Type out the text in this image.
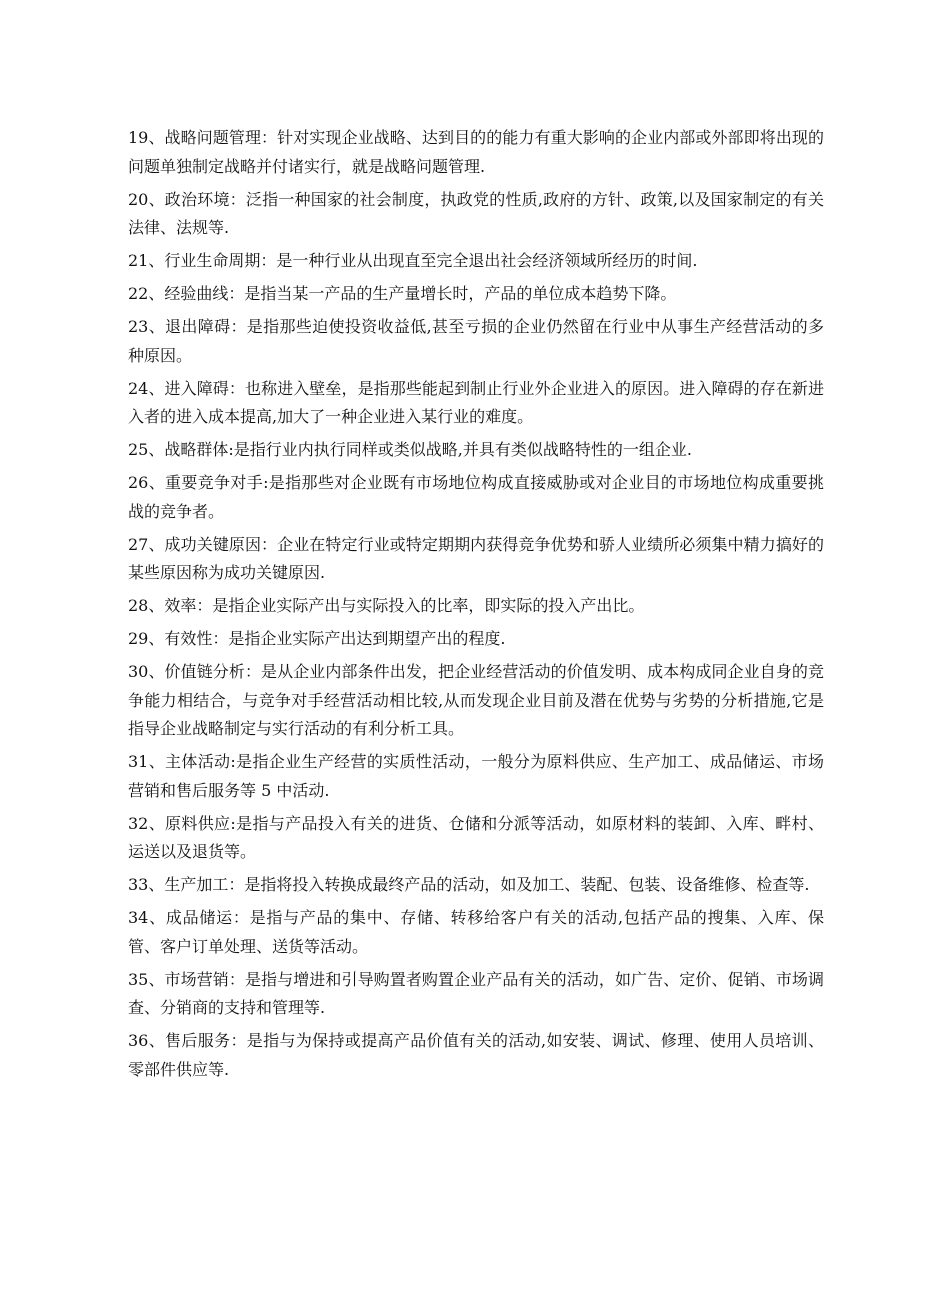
19、战略问题管理：针对实现企业战略、达到目的的能力有重大影响的企业内部或外部即将出现的问题单独制定战略并付诸实行，就是战略问题管理.

20、政治环境：泛指一种国家的社会制度，执政党的性质,政府的方针、政策,以及国家制定的有关法律、法规等.

21、行业生命周期：是一种行业从出现直至完全退出社会经济领域所经历的时间.

22、经验曲线：是指当某一产品的生产量增长时，产品的单位成本趋势下降。

23、退出障碍：是指那些迫使投资收益低,甚至亏损的企业仍然留在行业中从事生产经营活动的多种原因。

24、进入障碍：也称进入壁垒，是指那些能起到制止行业外企业进入的原因。进入障碍的存在新进入者的进入成本提高,加大了一种企业进入某行业的难度。

25、战略群体:是指行业内执行同样或类似战略,并具有类似战略特性的一组企业.

26、重要竞争对手:是指那些对企业既有市场地位构成直接威胁或对企业目的市场地位构成重要挑战的竞争者。

27、成功关键原因：企业在特定行业或特定期期内获得竞争优势和骄人业绩所必须集中精力搞好的某些原因称为成功关键原因.

28、效率：是指企业实际产出与实际投入的比率，即实际的投入产出比。

29、有效性：是指企业实际产出达到期望产出的程度.

30、价值链分析：是从企业内部条件出发，把企业经营活动的价值发明、成本构成同企业自身的竞争能力相结合，与竞争对手经营活动相比较,从而发现企业目前及潜在优势与劣势的分析措施,它是指导企业战略制定与实行活动的有利分析工具。

31、主体活动:是指企业生产经营的实质性活动，一般分为原料供应、生产加工、成品储运、市场营销和售后服务等 5 中活动.

32、原料供应:是指与产品投入有关的进货、仓储和分派等活动，如原材料的装卸、入库、畔村、运送以及退货等。

33、生产加工：是指将投入转换成最终产品的活动，如及加工、装配、包装、设备维修、检查等.

34、成品储运：是指与产品的集中、存储、转移给客户有关的活动,包括产品的搜集、入库、保管、客户订单处理、送货等活动。

35、市场营销：是指与增进和引导购置者购置企业产品有关的活动，如广告、定价、促销、市场调查、分销商的支持和管理等.

36、售后服务：是指与为保持或提高产品价值有关的活动,如安装、调试、修理、使用人员培训、零部件供应等.
